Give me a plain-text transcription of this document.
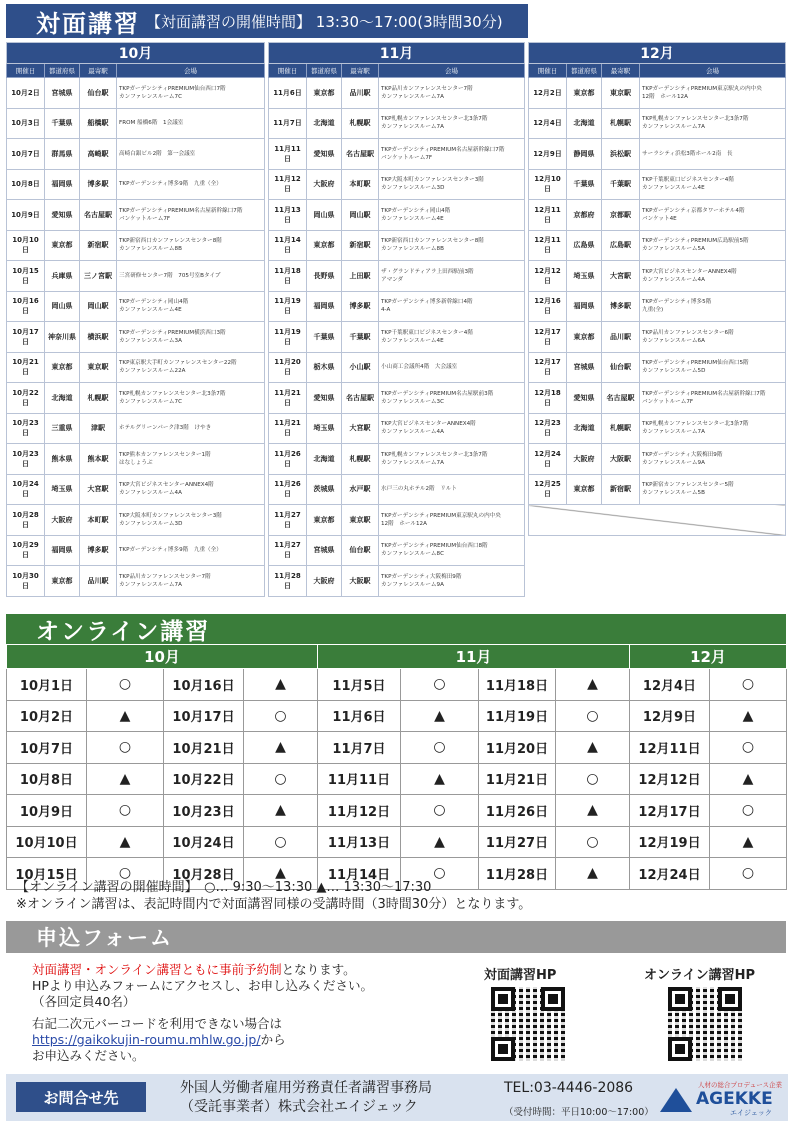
対面講習 【対面講習の開催時間】 13:30～17:00(3時間30分)
10月			
開催日	都道府県	最寄駅	会場
10月2日	宮城県	仙台駅	TKPガーデンシティPREMIUM仙台西口7階
カンファレンスルーム7C

10月3日	千葉県	船橋駅	FROM 船橋6階　1会議室

10月7日	群馬県	高崎駅	高崎白銀ビル2階　第一会議室

10月8日	福岡県	博多駅	TKPガーデンシティ博多9階　九重（全）

10月9日	愛知県	名古屋駅	TKPガーデンシティPREMIUM名古屋新幹線口7階
バンケットルーム7F

10月10日	東京都	新宿駅	TKP新宿西口カンファレンスセンター8階
カンファレンスルーム8B

10月15日	兵庫県	三ノ宮駅	三宮研修センター7階　705号室Bタイプ

10月16日	岡山県	岡山駅	TKPガーデンシティ岡山4階
カンファレンスルーム4E

10月17日	神奈川県	横浜駅	TKPガーデンシティPREMIUM横浜西口3階
カンファレンスルーム3A

10月21日	東京都	東京駅	TKP東京駅大手町カンファレンスセンター22階
カンファレンスルーム22A

10月22日	北海道	札幌駅	TKP札幌カンファレンスセンター北3条7階
カンファレンスルーム7C

10月23日	三重県	津駅	ホテルグリーンパーク津3階　けやき

10月23日	熊本県	熊本駅	TKP熊本カンファレンスセンター1階
はなしょうぶ

10月24日	埼玉県	大宮駅	TKP大宮ビジネスセンターANNEX4階
カンファレンスルーム4A

10月28日	大阪府	本町駅	TKP大阪本町カンファレンスセンター3階
カンファレンスルーム3D

10月29日	福岡県	博多駅	TKPガーデンシティ博多9階　九重（全）

10月30日	東京都	品川駅	TKP品川カンファレンスセンター7階
カンファレンスルーム7A
11月			
開催日	都道府県	最寄駅	会場
11月6日	東京都	品川駅	TKP品川カンファレンスセンター7階
カンファレンスルーム7A

11月7日	北海道	札幌駅	TKP札幌カンファレンスセンター北3条7階
カンファレンスルーム7A

11月11日	愛知県	名古屋駅	TKPガーデンシティPREMIUM名古屋新幹線口7階
バンケットルーム7F

11月12日	大阪府	本町駅	TKP大阪本町カンファレンスセンター3階
カンファレンスルーム3D

11月13日	岡山県	岡山駅	TKPガーデンシティ岡山4階
カンファレンスルーム4E

11月14日	東京都	新宿駅	TKP新宿西口カンファレンスセンター8階
カンファレンスルーム8B

11月18日	長野県	上田駅	ザ・グランドティアラ上田西駅前3階
アマンダ

11月19日	福岡県	博多駅	TKPガーデンシティ博多新幹線口4階
4-A

11月19日	千葉県	千葉駅	TKP千葉駅東口ビジネスセンター4階
カンファレンスルーム4E

11月20日	栃木県	小山駅	小山商工会議所4階　大会議室

11月21日	愛知県	名古屋駅	TKPガーデンシティPREMIUM名古屋駅前3階
カンファレンスルーム3C

11月21日	埼玉県	大宮駅	TKP大宮ビジネスセンターANNEX4階
カンファレンスルーム4A

11月26日	北海道	札幌駅	TKP札幌カンファレンスセンター北3条7階
カンファレンスルーム7A

11月26日	茨城県	水戸駅	水戸三の丸ホテル2階　リルト

11月27日	東京都	東京駅	TKPガーデンシティPREMIUM東京駅丸の内中央
12階　ホール12A

11月27日	宮城県	仙台駅	TKPガーデンシティPREMIUM仙台西口8階
カンファレンスルーム8C

11月28日	大阪府	大阪駅	TKPガーデンシティ大阪梅田9階
カンファレンスルーム9A
12月			
開催日	都道府県	最寄駅	会場
12月2日	東京都	東京駅	TKPガーデンシティPREMIUM東京駅丸の内中央
12階　ホール12A

12月4日	北海道	札幌駅	TKP札幌カンファレンスセンター北3条7階
カンファレンスルーム7A

12月9日	静岡県	浜松駅	サーラシティ浜松3階ホール2南　長

12月10日	千葉県	千葉駅	TKP千葉駅東口ビジネスセンター4階
カンファレンスルーム4E

12月11日	京都府	京都駅	TKPガーデンシティ京都タワーホテル4階
バンケット4E

12月11日	広島県	広島駅	TKPガーデンシティPREMIUM広島駅前5階
カンファレンスルーム5A

12月12日	埼玉県	大宮駅	TKP大宮ビジネスセンターANNEX4階
カンファレンスルーム4A

12月16日	福岡県	博多駅	TKPガーデンシティ博多5階
九重(全)

12月17日	東京都	品川駅	TKP品川カンファレンスセンター6階
カンファレンスルーム6A

12月17日	宮城県	仙台駅	TKPガーデンシティPREMIUM仙台西口5階
カンファレンスルーム5D

12月18日	愛知県	名古屋駅	TKPガーデンシティPREMIUM名古屋新幹線口7階
バンケットルーム7F

12月23日	北海道	札幌駅	TKP札幌カンファレンスセンター北3条7階
カンファレンスルーム7A

12月24日	大阪府	大阪駅	TKPガーデンシティ大阪梅田9階
カンファレンスルーム9A

12月25日	東京都	新宿駅	TKP新宿カンファレンスセンター5階
カンファレンスルーム5B

オンライン講習
10月				11月				12月	
10月1日	○	10月16日	▲	11月5日	○	11月18日	▲	12月4日	○
10月2日	▲	10月17日	○	11月6日	▲	11月19日	○	12月9日	▲
10月7日	○	10月21日	▲	11月7日	○	11月20日	▲	12月11日	○
10月8日	▲	10月22日	○	11月11日	▲	11月21日	○	12月12日	▲
10月9日	○	10月23日	▲	11月12日	○	11月26日	▲	12月17日	○
10月10日	▲	10月24日	○	11月13日	▲	11月27日	○	12月19日	▲
10月15日	○	10月28日	▲	11月14日	○	11月28日	▲	12月24日	○
【オンライン講習の開催時間】　○… 9:30～13:30 ▲… 13:30～17:30
※オンライン講習は、表記時間内で対面講習同様の受講時間（3時間30分）となります。
申込フォーム
対面講習・オンライン講習ともに事前予約制となります。
HPより申込みフォームにアクセスし、お申し込みください。
（各回定員40名）
右記二次元バーコードを利用できない場合は
https://gaikokujin-roumu.mhlw.go.jp/から
お申込みください。
対面講習HP	オンライン講習HP
お問合せ先
外国人労働者雇用労務責任者講習事務局
（受託事業者）株式会社エイジェック
TEL:03-4446-2086
（受付時間：平日10:00～17:00）
人材の総合プロデュース企業
AGEKKE
エイジェック
